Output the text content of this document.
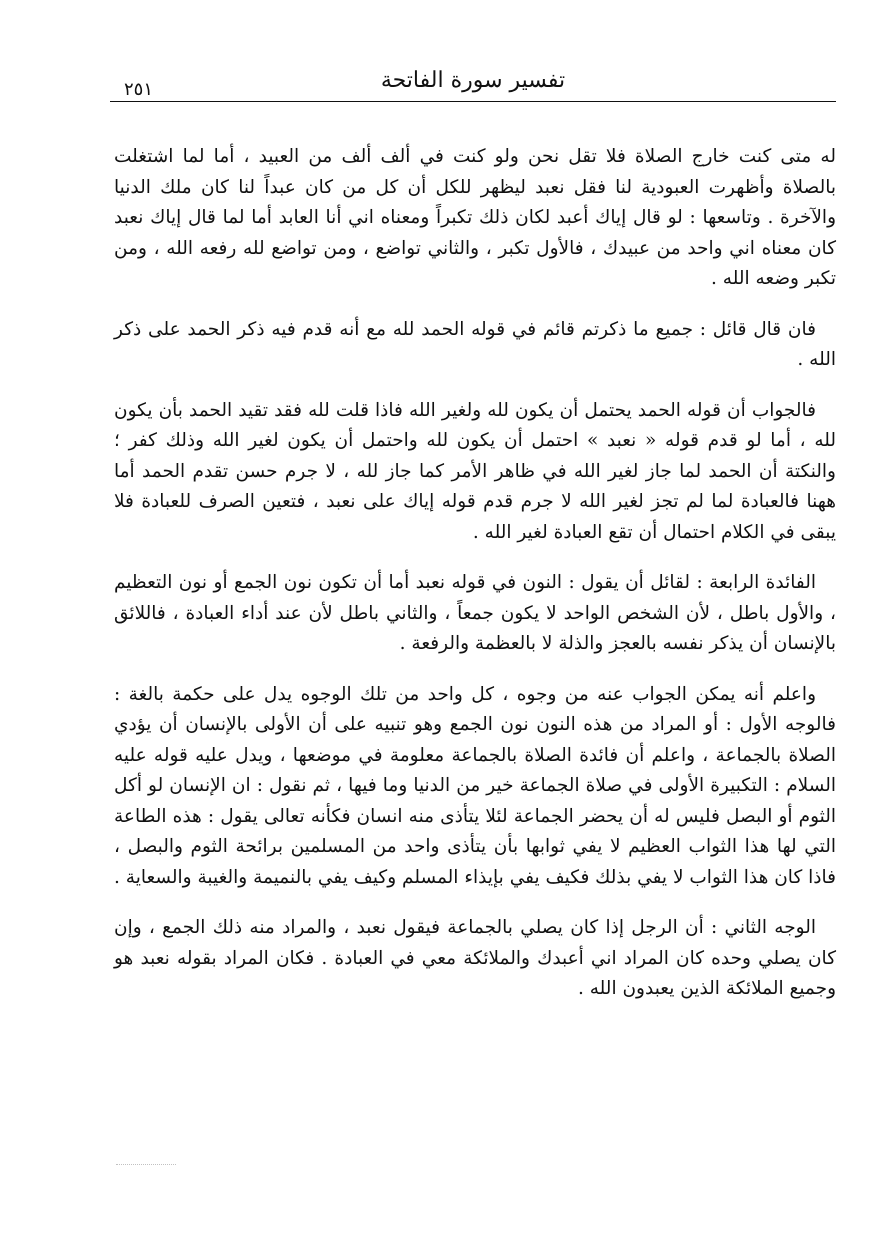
تفسير سورة الفاتحة
٢٥١

له متى كنت خارج الصلاة فلا تقل نحن ولو كنت في ألف ألف من العبيد ، أما لما اشتغلت بالصلاة وأظهرت العبودية لنا فقل نعبد ليظهر للكل أن كل من كان عبداً لنا كان ملك الدنيا والآخرة . وتاسعها : لو قال إياك أعبد لكان ذلك تكبراً ومعناه اني أنا العابد أما لما قال إياك نعبد كان معناه اني واحد من عبيدك ، فالأول تكبر ، والثاني تواضع ، ومن تواضع لله رفعه الله ، ومن تكبر وضعه الله .

فان قال قائل : جميع ما ذكرتم قائم في قوله الحمد لله مع أنه قدم فيه ذكر الحمد على ذكر الله .

فالجواب أن قوله الحمد يحتمل أن يكون لله ولغير الله فاذا قلت لله فقد تقيد الحمد بأن يكون لله ، أما لو قدم قوله « نعبد » احتمل أن يكون لله واحتمل أن يكون لغير الله وذلك كفر ؛ والنكتة أن الحمد لما جاز لغير الله في ظاهر الأمر كما جاز لله ، لا جرم حسن تقدم الحمد أما ههنا فالعبادة لما لم تجز لغير الله لا جرم قدم قوله إياك على نعبد ، فتعين الصرف للعبادة فلا يبقى في الكلام احتمال أن تقع العبادة لغير الله .

الفائدة الرابعة : لقائل أن يقول : النون في قوله نعبد أما أن تكون نون الجمع أو نون التعظيم ، والأول باطل ، لأن الشخص الواحد لا يكون جمعاً ، والثاني باطل لأن عند أداء العبادة ، فاللائق بالإنسان أن يذكر نفسه بالعجز والذلة لا بالعظمة والرفعة .

واعلم أنه يمكن الجواب عنه من وجوه ، كل واحد من تلك الوجوه يدل على حكمة بالغة : فالوجه الأول : أو المراد من هذه النون نون الجمع وهو تنبيه على أن الأولى بالإنسان أن يؤدي الصلاة بالجماعة ، واعلم أن فائدة الصلاة بالجماعة معلومة في موضعها ، ويدل عليه قوله عليه السلام : التكبيرة الأولى في صلاة الجماعة خير من الدنيا وما فيها ، ثم نقول : ان الإنسان لو أكل الثوم أو البصل فليس له أن يحضر الجماعة لئلا يتأذى منه انسان فكأنه تعالى يقول : هذه الطاعة التي لها هذا الثواب العظيم لا يفي ثوابها بأن يتأذى واحد من المسلمين برائحة الثوم والبصل ، فاذا كان هذا الثواب لا يفي بذلك فكيف يفي بإيذاء المسلم وكيف يفي بالنميمة والغيبة والسعاية .

الوجه الثاني : أن الرجل إذا كان يصلي بالجماعة فيقول نعبد ، والمراد منه ذلك الجمع ، وإن كان يصلي وحده كان المراد اني أعبدك والملائكة معي في العبادة . فكان المراد بقوله نعبد هو وجميع الملائكة الذين يعبدون الله .
